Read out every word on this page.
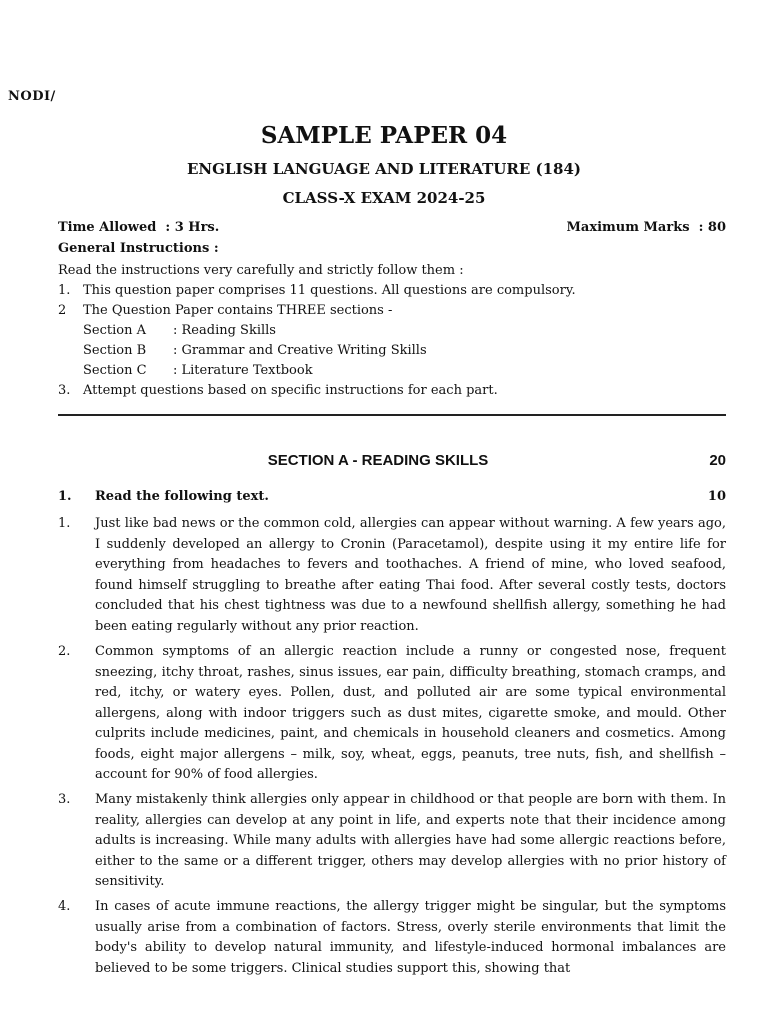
NODI/
SAMPLE PAPER 04
ENGLISH LANGUAGE AND LITERATURE (184)
CLASS-X EXAM 2024-25
Time Allowed  : 3 Hrs.	Maximum Marks  : 80
General Instructions :
Read the instructions very carefully and strictly follow them :
1. This question paper comprises 11 questions. All questions are compulsory.
2 The Question Paper contains THREE sections -
Section A : Reading Skills
Section B : Grammar and Creative Writing Skills
Section C : Literature Textbook
3. Attempt questions based on specific instructions for each part.
SECTION A - READING SKILLS	20
1. Read the following text.	10
1. Just like bad news or the common cold, allergies can appear without warning. A few years ago, I suddenly developed an allergy to Cronin (Paracetamol), despite using it my entire life for everything from headaches to fevers and toothaches. A friend of mine, who loved seafood, found himself struggling to breathe after eating Thai food. After several costly tests, doctors concluded that his chest tightness was due to a newfound shellfish allergy, something he had been eating regularly without any prior reaction.
2. Common symptoms of an allergic reaction include a runny or congested nose, frequent sneezing, itchy throat, rashes, sinus issues, ear pain, difficulty breathing, stomach cramps, and red, itchy, or watery eyes. Pollen, dust, and polluted air are some typical environmental allergens, along with indoor triggers such as dust mites, cigarette smoke, and mould. Other culprits include medicines, paint, and chemicals in household cleaners and cosmetics. Among foods, eight major allergens – milk, soy, wheat, eggs, peanuts, tree nuts, fish, and shellfish – account for 90% of food allergies.
3. Many mistakenly think allergies only appear in childhood or that people are born with them. In reality, allergies can develop at any point in life, and experts note that their incidence among adults is increasing. While many adults with allergies have had some allergic reactions before, either to the same or a different trigger, others may develop allergies with no prior history of sensitivity.
4. In cases of acute immune reactions, the allergy trigger might be singular, but the symptoms usually arise from a combination of factors. Stress, overly sterile environments that limit the body's ability to develop natural immunity, and lifestyle-induced hormonal imbalances are believed to be some triggers. Clinical studies support this, showing that
